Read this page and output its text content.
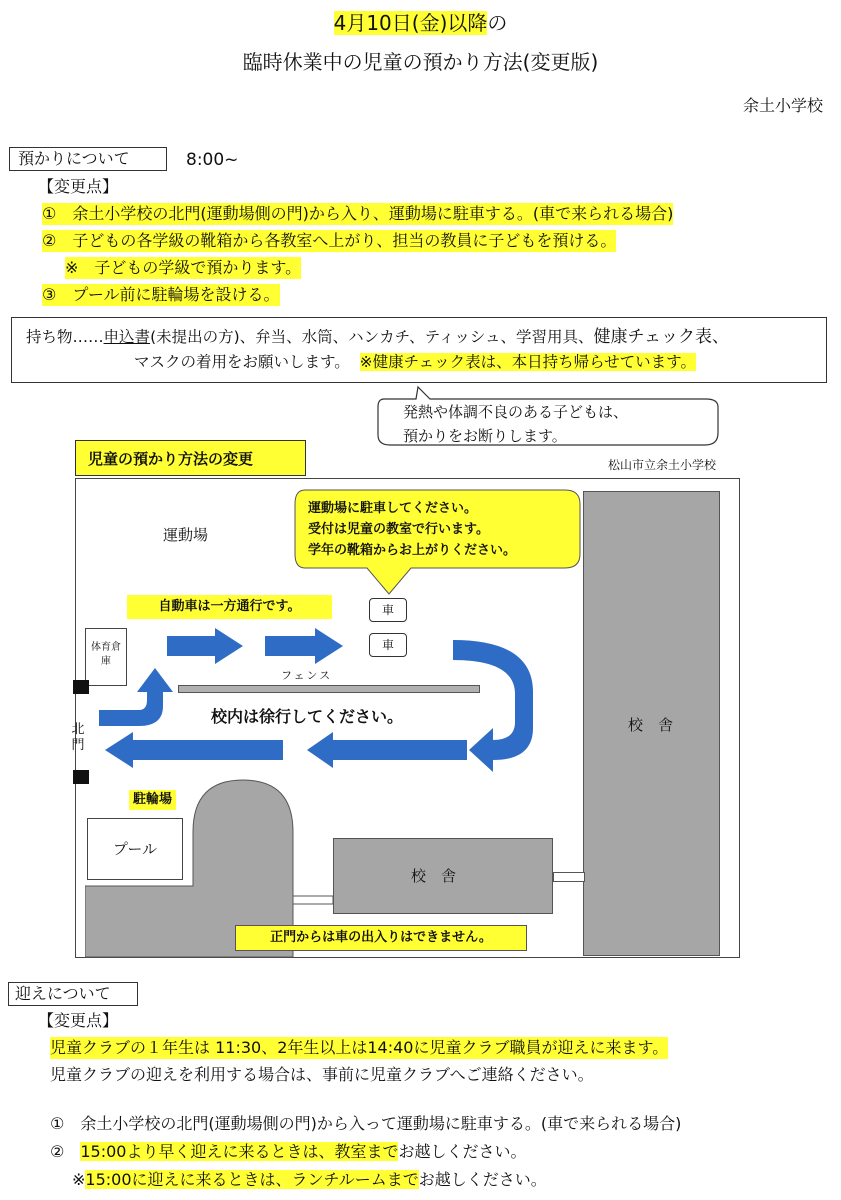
4月10日(金)以降の
臨時休業中の児童の預かり方法(変更版)
余土小学校
預かりについて	8:00~
【変更点】
①　余土小学校の北門(運動場側の門)から入り、運動場に駐車する。(車で来られる場合)
②　子どもの各学級の靴箱から各教室へ上がり、担当の教員に子どもを預ける。
※　子どもの学級で預かります。
③　プール前に駐輪場を設ける。
持ち物‥‥‥申込書(未提出の方)、弁当、水筒、ハンカチ、ティッシュ、学習用具、健康チェック表、
マスクの着用をお願いします。 ※健康チェック表は、本日持ち帰らせています。
発熱や体調不良のある子どもは、
預かりをお断りします。
児童の預かり方法の変更	松山市立余土小学校
校　舎
運動場
運動場に駐車してください。
受付は児童の教室で行います。
学年の靴箱からお上がりください。
自動車は一方通行です。	車
車
体育倉庫
フェンス
校内は徐行してください。
北門
駐輪場
プール
校　舎
正門からは車の出入りはできません。
迎えについて
【変更点】
児童クラブの１年生は 11:30、2年生以上は14:40に児童クラブ職員が迎えに来ます。
児童クラブの迎えを利用する場合は、事前に児童クラブへご連絡ください。
①　余土小学校の北門(運動場側の門)から入って運動場に駐車する。(車で来られる場合)
②　15:00より早く迎えに来るときは、教室までお越しください。
※15:00に迎えに来るときは、ランチルームまでお越しください。
